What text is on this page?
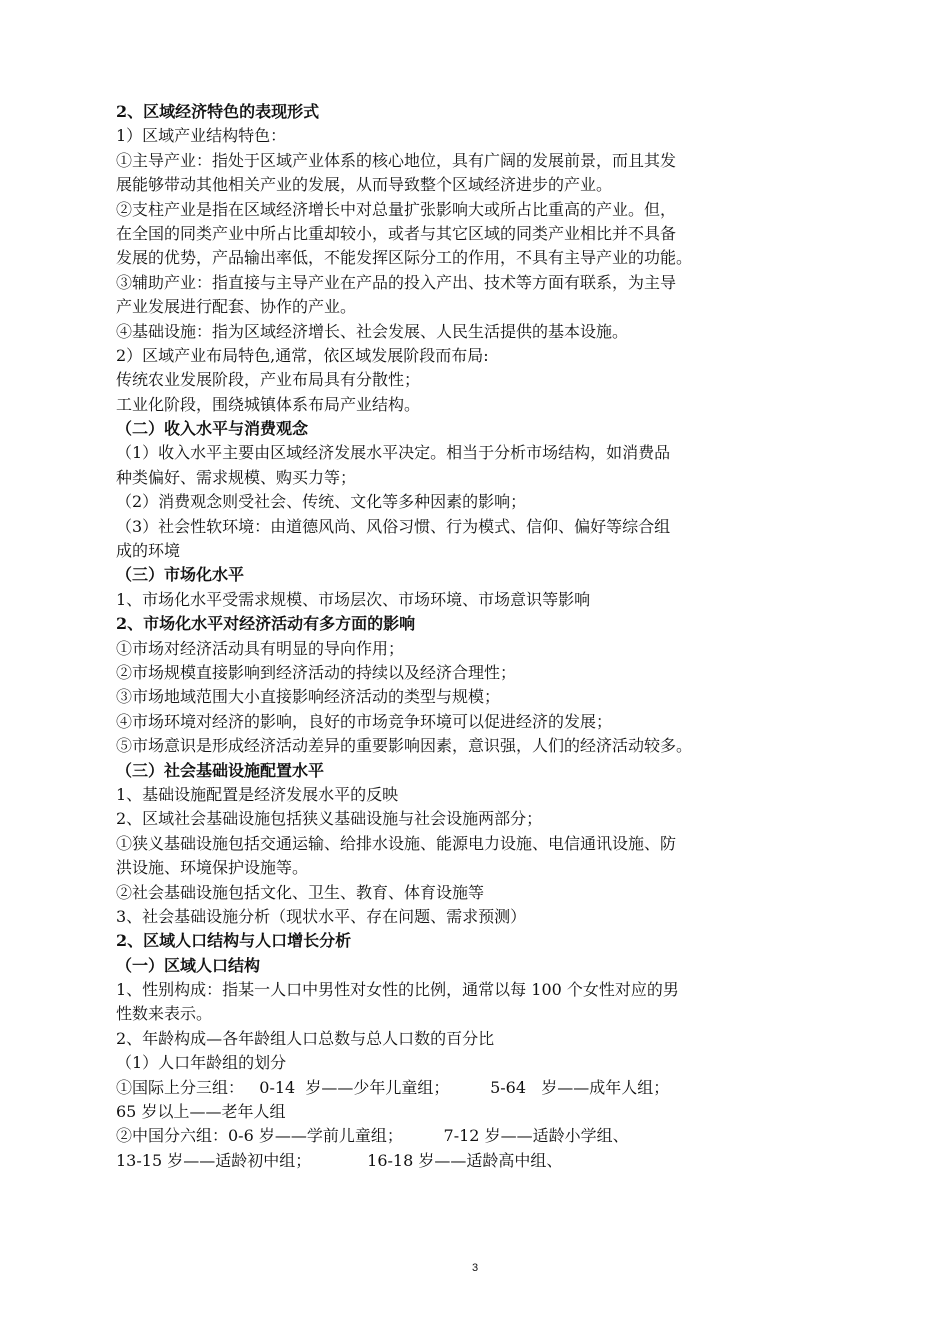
2、区域经济特色的表现形式
1）区域产业结构特色：
①主导产业：指处于区域产业体系的核心地位，具有广阔的发展前景，而且其发
展能够带动其他相关产业的发展，从而导致整个区域经济进步的产业。
②支柱产业是指在区域经济增长中对总量扩张影响大或所占比重高的产业。但，
在全国的同类产业中所占比重却较小，或者与其它区域的同类产业相比并不具备
发展的优势，产品输出率低，不能发挥区际分工的作用，不具有主导产业的功能。
③辅助产业：指直接与主导产业在产品的投入产出、技术等方面有联系，为主导
产业发展进行配套、协作的产业。
④基础设施：指为区域经济增长、社会发展、人民生活提供的基本设施。
2）区域产业布局特色,通常，依区域发展阶段而布局:
传统农业发展阶段，产业布局具有分散性；
工业化阶段，围绕城镇体系布局产业结构。
（二）收入水平与消费观念
（1）收入水平主要由区域经济发展水平决定。相当于分析市场结构，如消费品
种类偏好、需求规模、购买力等；
（2）消费观念则受社会、传统、文化等多种因素的影响；
（3）社会性软环境：由道德风尚、风俗习惯、行为模式、信仰、偏好等综合组
成的环境
（三）市场化水平
1、市场化水平受需求规模、市场层次、市场环境、市场意识等影响
2、市场化水平对经济活动有多方面的影响
①市场对经济活动具有明显的导向作用；
②市场规模直接影响到经济活动的持续以及经济合理性；
③市场地域范围大小直接影响经济活动的类型与规模；
④市场环境对经济的影响，良好的市场竞争环境可以促进经济的发展；
⑤市场意识是形成经济活动差异的重要影响因素，意识强，人们的经济活动较多。
（三）社会基础设施配置水平
1、基础设施配置是经济发展水平的反映
2、区域社会基础设施包括狭义基础设施与社会设施两部分；
①狭义基础设施包括交通运输、给排水设施、能源电力设施、电信通讯设施、防
洪设施、环境保护设施等。
②社会基础设施包括文化、卫生、教育、体育设施等
3、社会基础设施分析（现状水平、存在问题、需求预测）
2、区域人口结构与人口增长分析
（一）区域人口结构
1、性别构成：指某一人口中男性对女性的比例，通常以每 100 个女性对应的男
性数来表示。
2、年龄构成—各年龄组人口总数与总人口数的百分比
（1）人口年龄组的划分
①国际上分三组：   0-14  岁——少年儿童组；        5-64   岁——成年人组；
65 岁以上——老年人组
②中国分六组：0-6 岁——学前儿童组；        7-12 岁——适龄小学组、
13-15 岁——适龄初中组；           16-18 岁——适龄高中组、
3
